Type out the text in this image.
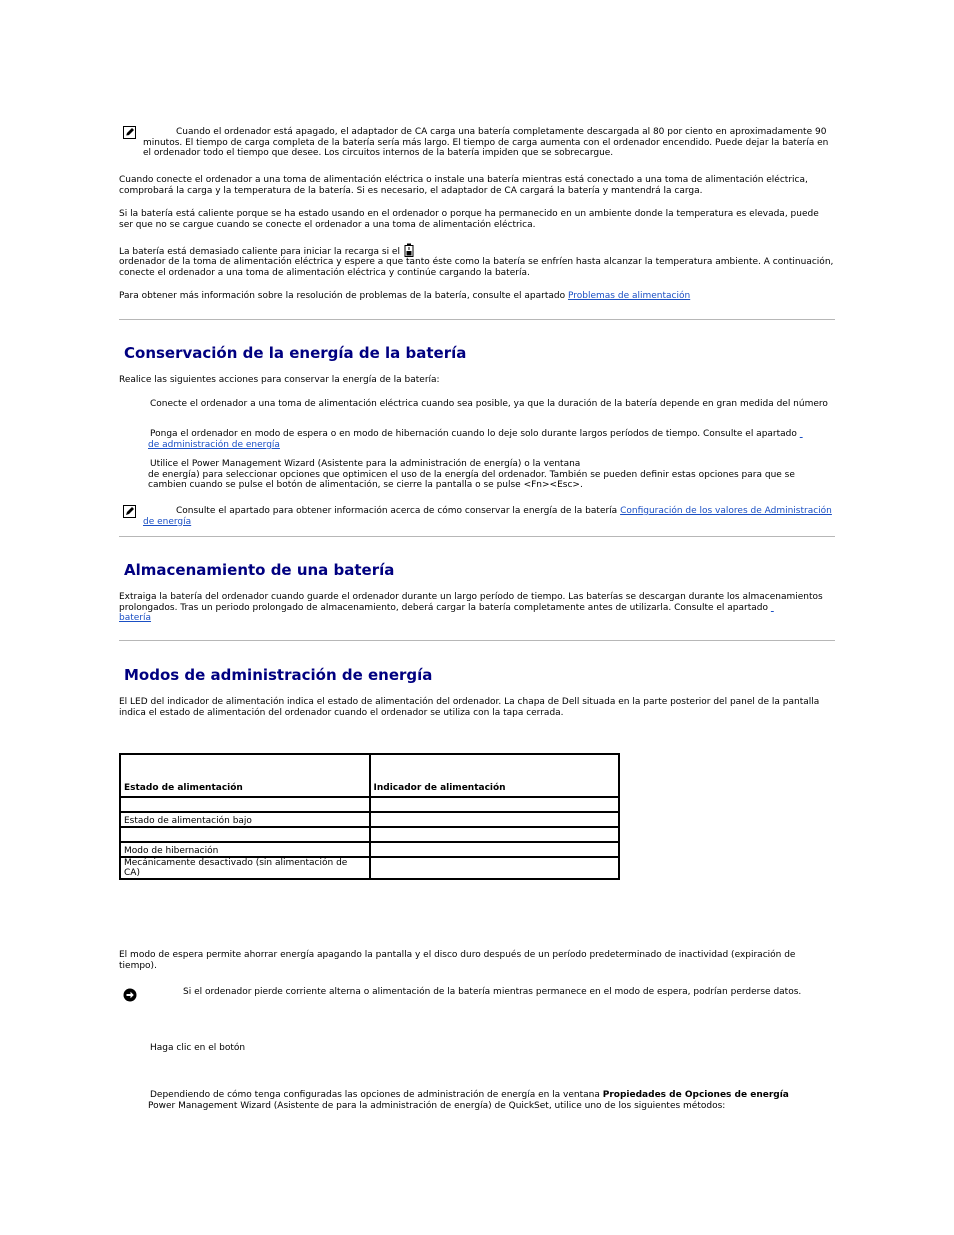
Cuando el ordenador está apagado, el adaptador de CA carga una batería completamente descargada al 80 por ciento en aproximadamente 90 minutos. El tiempo de carga completa de la batería sería más largo. El tiempo de carga aumenta con el ordenador encendido. Puede dejar la batería en el ordenador todo el tiempo que desee. Los circuitos internos de la batería impiden que se sobrecargue.

Cuando conecte el ordenador a una toma de alimentación eléctrica o instale una batería mientras está conectado a una toma de alimentación eléctrica, comprobará la carga y la temperatura de la batería. Si es necesario, el adaptador de CA cargará la batería y mantendrá la carga.

Si la batería está caliente porque se ha estado usando en el ordenador o porque ha permanecido en un ambiente donde la temperatura es elevada, puede ser que no se cargue cuando se conecte el ordenador a una toma de alimentación eléctrica.

La batería está demasiado caliente para iniciar la recarga si el

ordenador de la toma de alimentación eléctrica y espere a que tanto éste como la batería se enfríen hasta alcanzar la temperatura ambiente. A continuación, conecte el ordenador a una toma de alimentación eléctrica y continúe cargando la batería.

Para obtener más información sobre la resolución de problemas de la batería, consulte el apartado Problemas de alimentación

Conservación de la energía de la batería

Realice las siguientes acciones para conservar la energía de la batería:

Conecte el ordenador a una toma de alimentación eléctrica cuando sea posible, ya que la duración de la batería depende en gran medida del número

Ponga el ordenador en modo de espera o en modo de hibernación cuando lo deje solo durante largos períodos de tiempo. Consulte el apartado
de administración de energía

Utilice el Power Management Wizard (Asistente para la administración de energía) o la ventana
de energía) para seleccionar opciones que optimicen el uso de la energía del ordenador. También se pueden definir estas opciones para que se cambien cuando se pulse el botón de alimentación, se cierre la pantalla o se pulse <Fn><Esc>.

Consulte el apartado para obtener información acerca de cómo conservar la energía de la batería Configuración de los valores de Administración de energía

Almacenamiento de una batería

Extraiga la batería del ordenador cuando guarde el ordenador durante un largo período de tiempo. Las baterías se descargan durante los almacenamientos prolongados. Tras un periodo prolongado de almacenamiento, deberá cargar la batería completamente antes de utilizarla. Consulte el apartado
batería

Modos de administración de energía

El LED del indicador de alimentación indica el estado de alimentación del ordenador. La chapa de Dell situada en la parte posterior del panel de la pantalla indica el estado de alimentación del ordenador cuando el ordenador se utiliza con la tapa cerrada.

Estado de alimentación	Indicador de alimentación

Estado de alimentación bajo	

Modo de hibernación	
Mecánicamente desactivado (sin alimentación de CA)	

El modo de espera permite ahorrar energía apagando la pantalla y el disco duro después de un período predeterminado de inactividad (expiración de tiempo).

Si el ordenador pierde corriente alterna o alimentación de la batería mientras permanece en el modo de espera, podrían perderse datos.

Haga clic en el botón

Dependiendo de cómo tenga configuradas las opciones de administración de energía en la ventana Propiedades de Opciones de energía
Power Management Wizard (Asistente de para la administración de energía) de QuickSet, utilice uno de los siguientes métodos:
